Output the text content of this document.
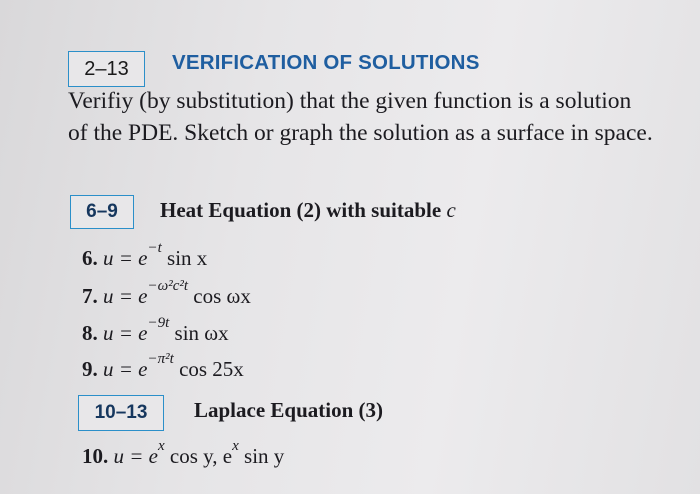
2–13	VERIFICATION OF SOLUTIONS
Verifiy (by substitution) that the given function is a solution
of the PDE. Sketch or graph the solution as a surface in space.
6–9	Heat Equation (2) with suitable c
6. $u = e^{-t}$ sin x
7. $u = e^{-\omega^2c^2t}$ cos ωx
8. $u = e^{-9t}$ sin ωx
9. $u = e^{-\pi^2t}$ cos 25x
10–13	Laplace Equation (3)
10. $u = e^x$ cos y, $e^x$ sin y
